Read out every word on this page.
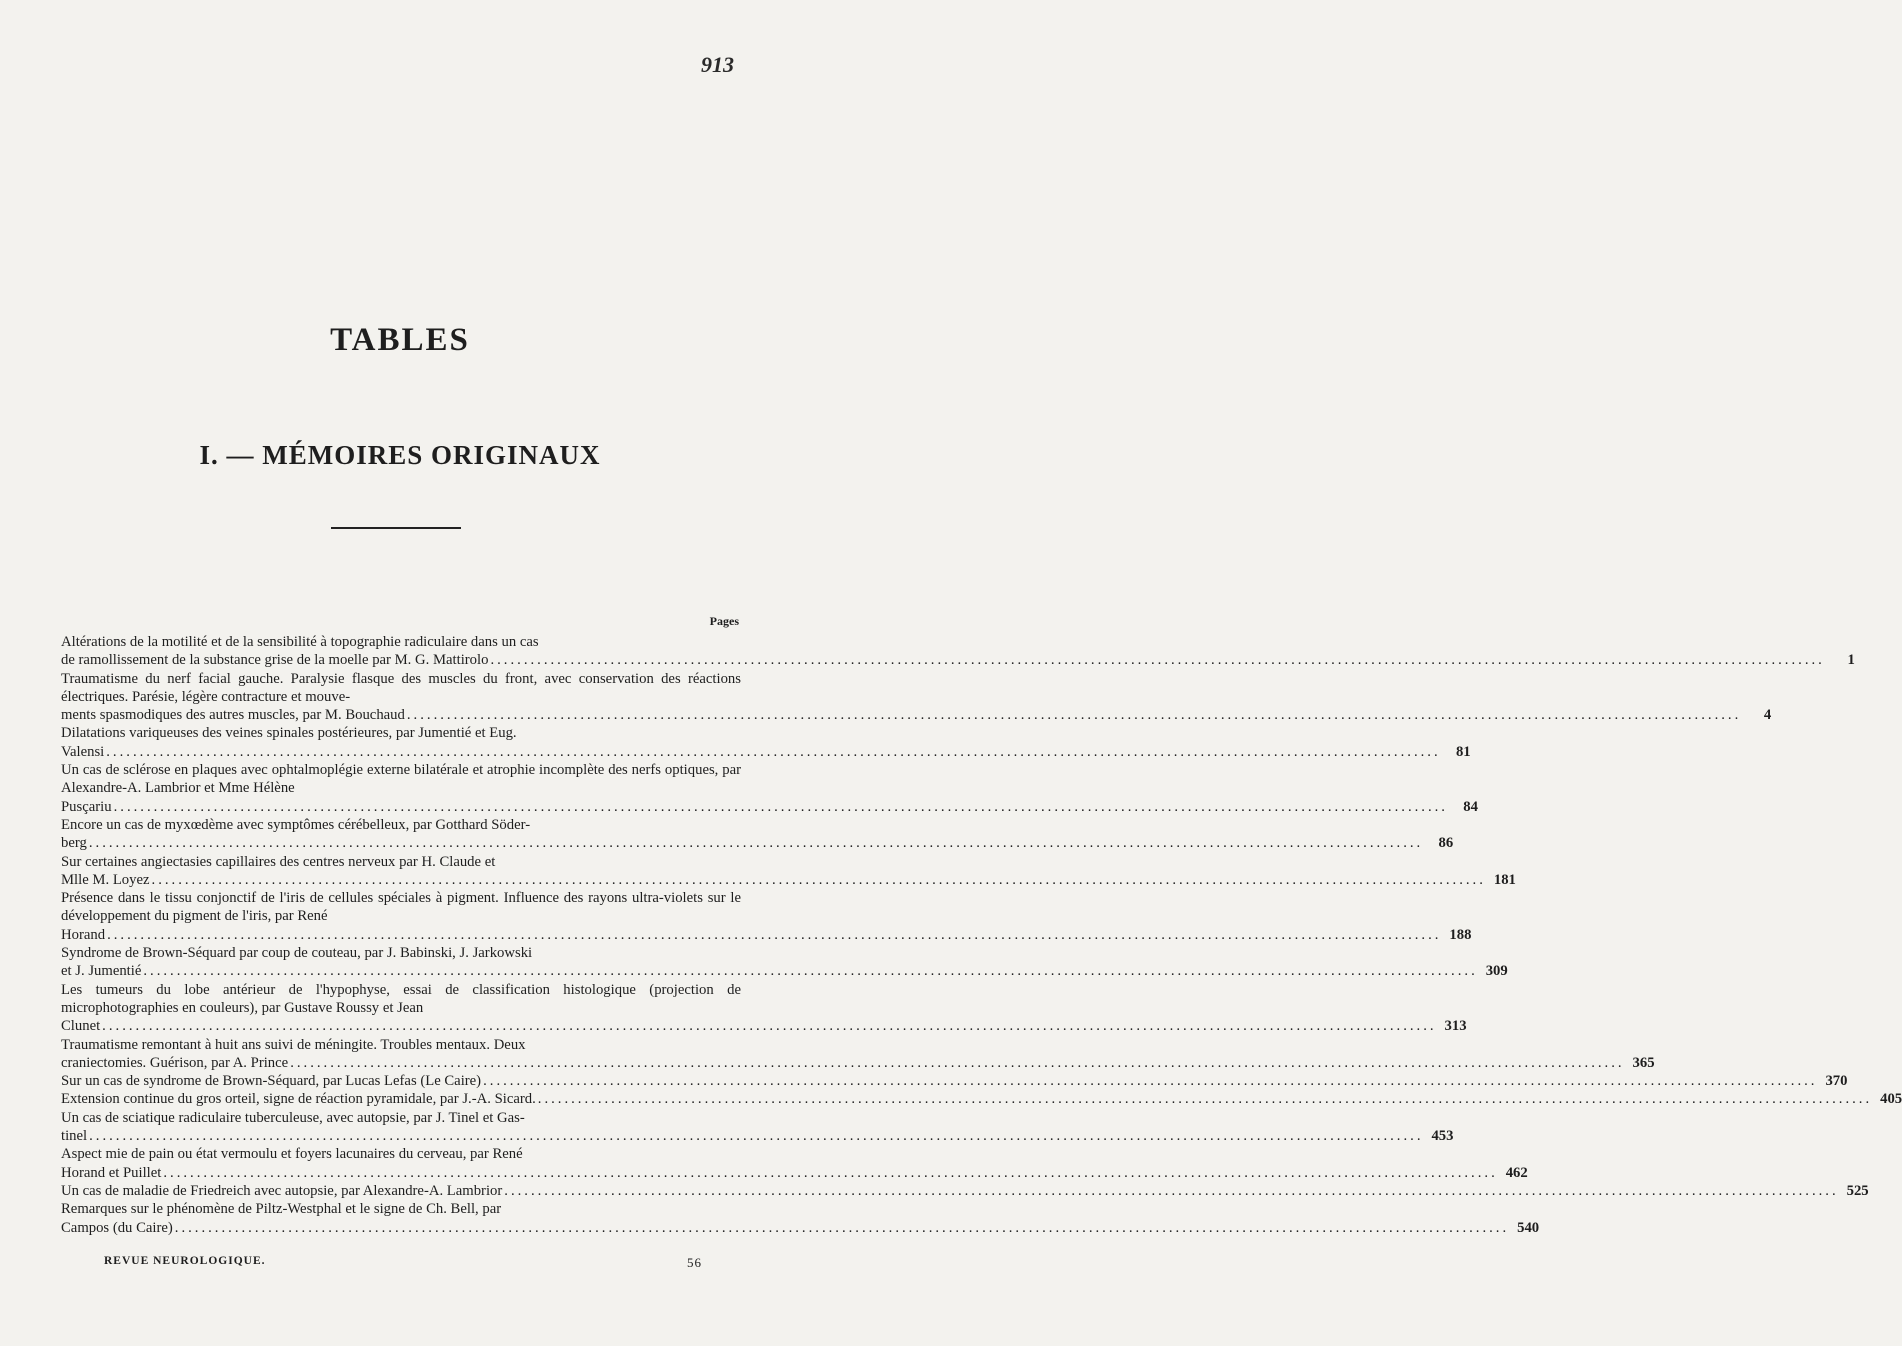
913
TABLES
I. — MÉMOIRES ORIGINAUX
Pages
Altérations de la motilité et de la sensibilité à topographie radiculaire dans un cas
de ramollissement de la substance grise de la moelle par M. G. Mattirolo ........................................................................................................................................................................................................	1
Traumatisme du nerf facial gauche. Paralysie flasque des muscles du front, avec conservation des réactions électriques. Parésie, légère contracture et mouve-
ments spasmodiques des autres muscles, par M. Bouchaud ........................................................................................................................................................................................................	4
Dilatations variqueuses des veines spinales postérieures, par Jumentié et Eug.
Valensi ........................................................................................................................................................................................................	81
Un cas de sclérose en plaques avec ophtalmoplégie externe bilatérale et atrophie incomplète des nerfs optiques, par Alexandre-A. Lambrior et Mme Hélène
Pusçariu ........................................................................................................................................................................................................	84
Encore un cas de myxœdème avec symptômes cérébelleux, par Gotthard Söder-
berg ........................................................................................................................................................................................................	86
Sur certaines angiectasies capillaires des centres nerveux par H. Claude et
Mlle M. Loyez ........................................................................................................................................................................................................ 181
Présence dans le tissu conjonctif de l'iris de cellules spéciales à pigment. Influence des rayons ultra-violets sur le développement du pigment de l'iris, par René
Horand ........................................................................................................................................................................................................ 188
Syndrome de Brown-Séquard par coup de couteau, par J. Babinski, J. Jarkowski
et J. Jumentié ........................................................................................................................................................................................................ 309
Les tumeurs du lobe antérieur de l'hypophyse, essai de classification histologique (projection de microphotographies en couleurs), par Gustave Roussy et Jean
Clunet ........................................................................................................................................................................................................ 313
Traumatisme remontant à huit ans suivi de méningite. Troubles mentaux. Deux
craniectomies. Guérison, par A. Prince ........................................................................................................................................................................................................ 365
Sur un cas de syndrome de Brown-Séquard, par Lucas Lefas (Le Caire) ........................................................................................................................................................................................................ 370
Extension continue du gros orteil, signe de réaction pyramidale, par J.-A. Sicard. ........................................................................................................................................................................................................ 405
Un cas de sciatique radiculaire tuberculeuse, avec autopsie, par J. Tinel et Gas-
tinel ........................................................................................................................................................................................................ 453
Aspect mie de pain ou état vermoulu et foyers lacunaires du cerveau, par René
Horand et Puillet ........................................................................................................................................................................................................ 462
Un cas de maladie de Friedreich avec autopsie, par Alexandre-A. Lambrior ........................................................................................................................................................................................................ 525
Remarques sur le phénomène de Piltz-Westphal et le signe de Ch. Bell, par
Campos (du Caire) ........................................................................................................................................................................................................ 540
REVUE NEUROLOGIQUE.	56
